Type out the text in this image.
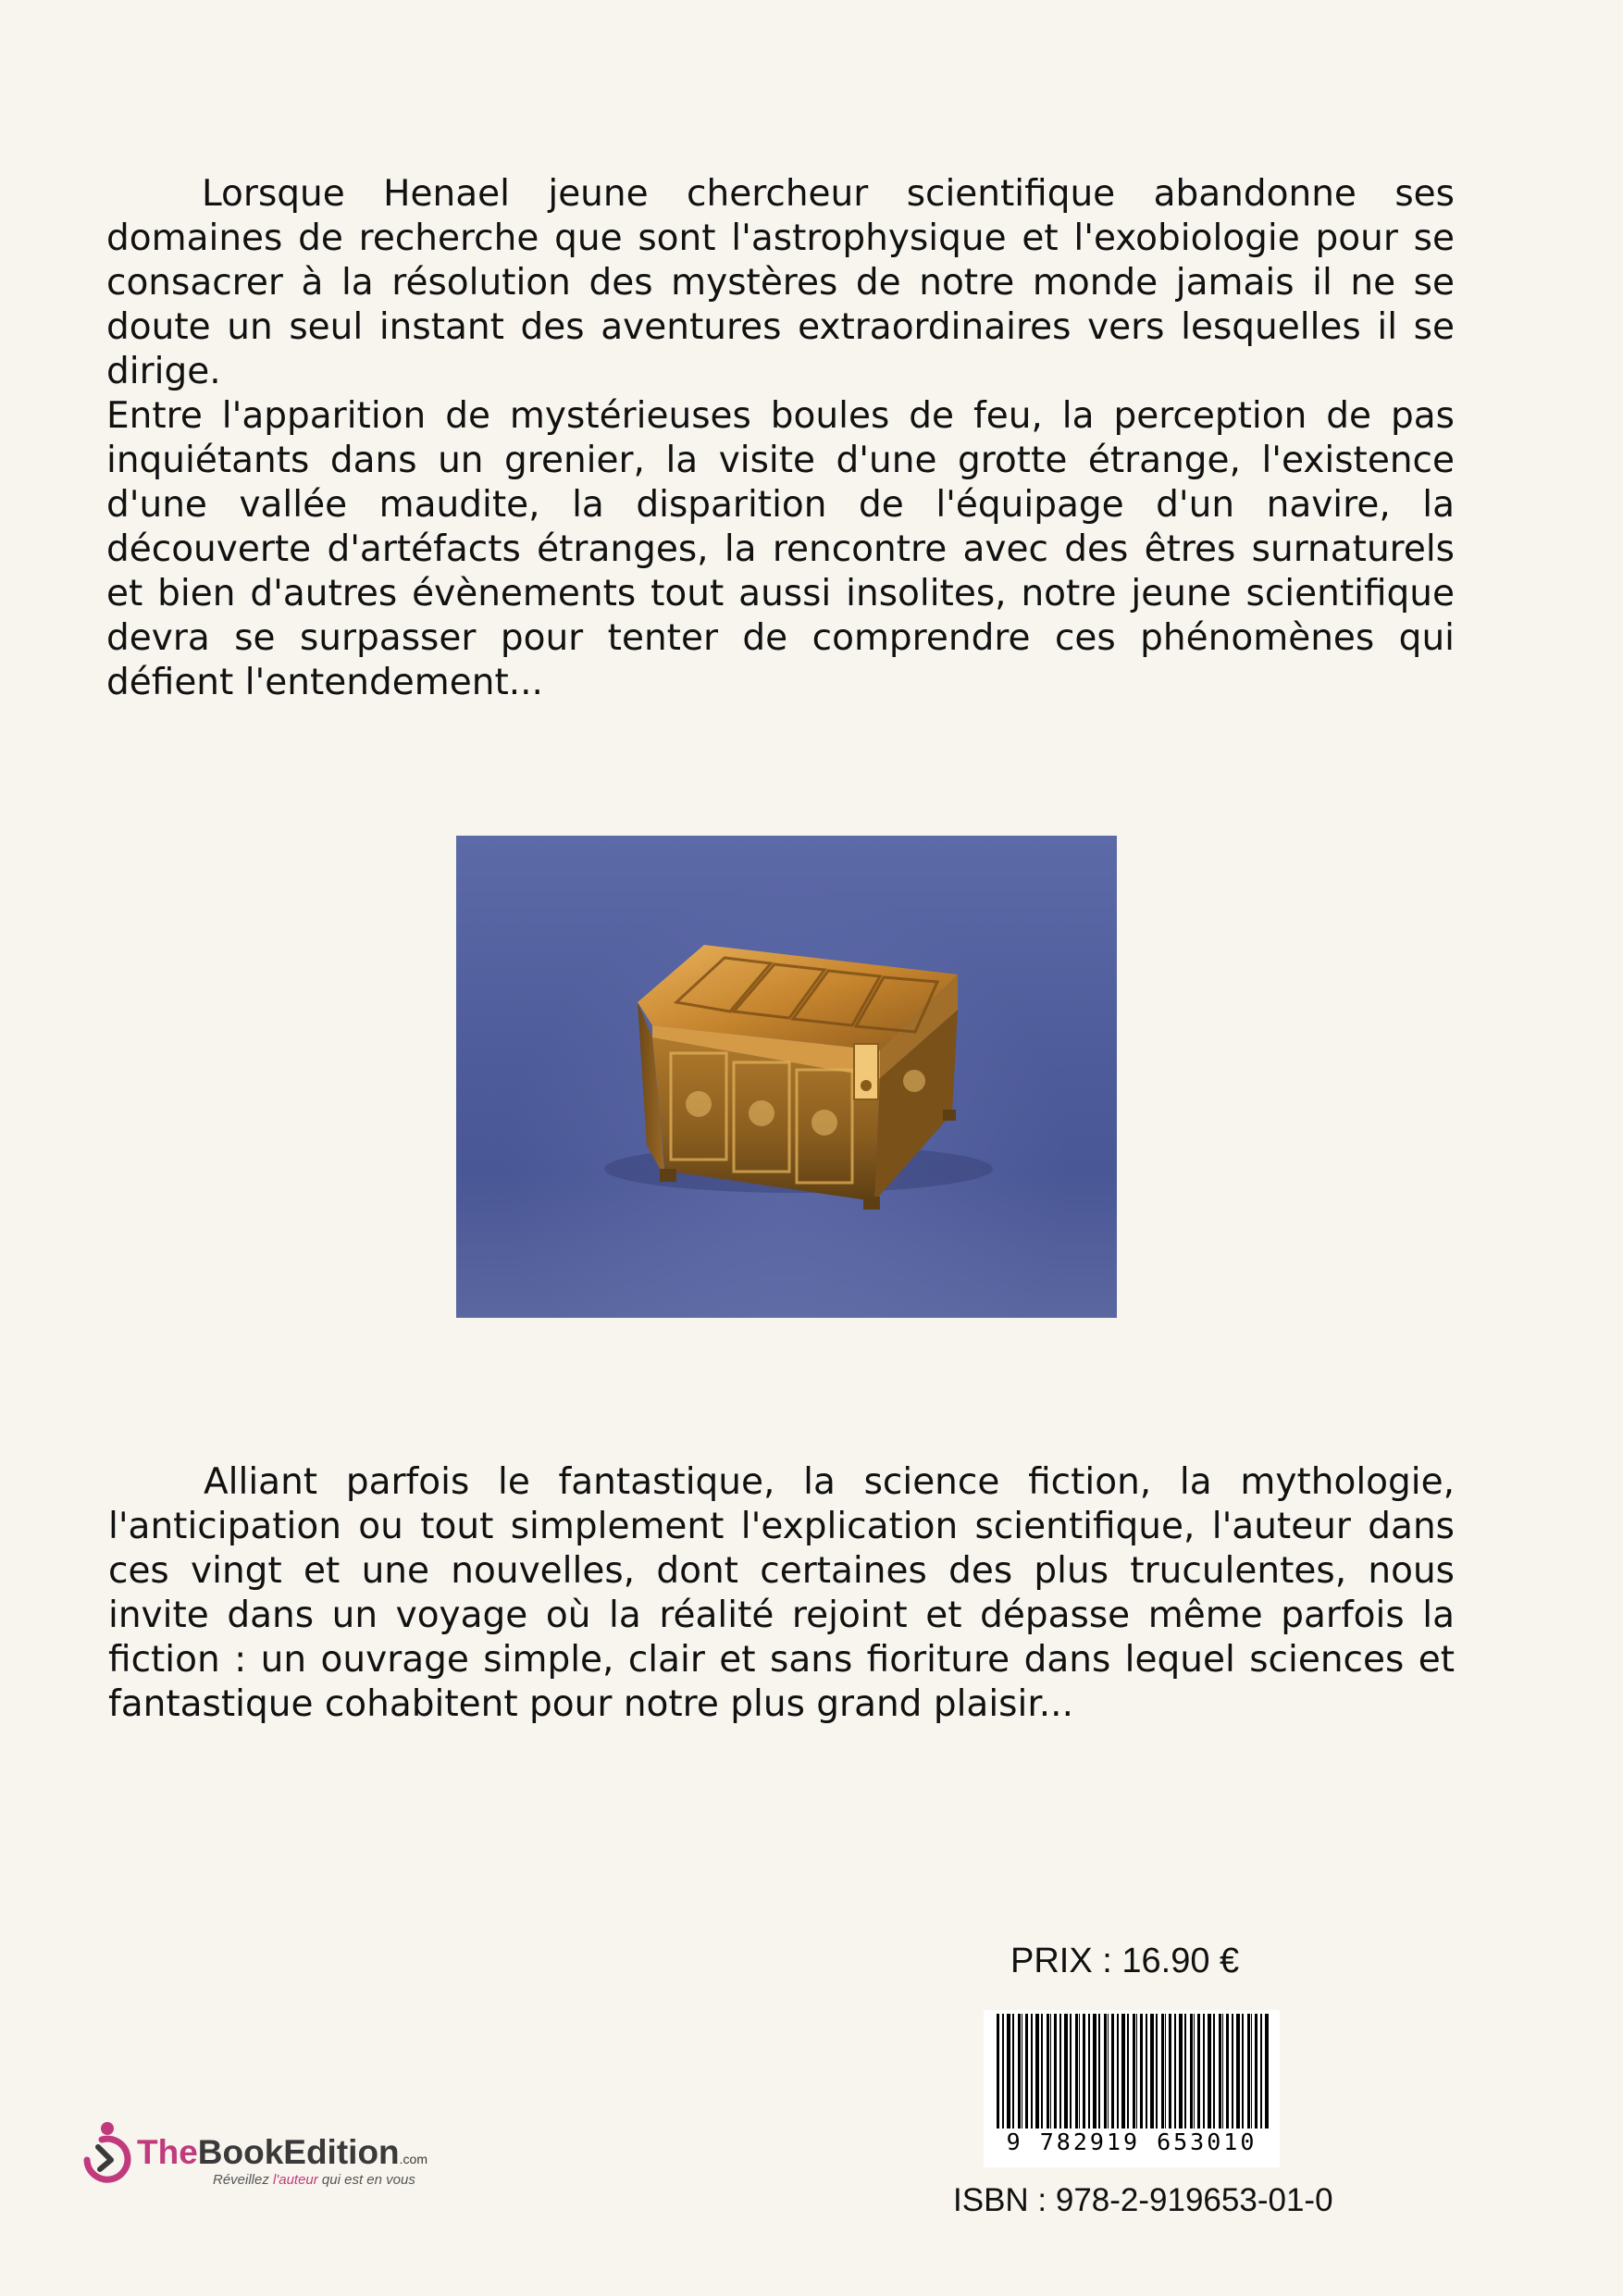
Lorsque Henael jeune chercheur scientifique abandonne ses domaines de recherche que sont l'astrophysique et l'exobiologie pour se consacrer à la résolution des mystères de notre monde jamais il ne se doute un seul instant des aventures extraordinaires vers lesquelles il se dirige.

Entre l'apparition de mystérieuses boules de feu, la perception de pas inquiétants dans un grenier, la visite d'une grotte étrange, l'existence d'une vallée maudite, la disparition de l'équipage d'un navire, la découverte d'artéfacts étranges, la rencontre avec des êtres surnaturels et bien d'autres évènements tout aussi insolites, notre jeune scientifique devra se surpasser pour tenter de comprendre ces phénomènes qui défient l'entendement...

Alliant parfois le fantastique, la science fiction, la mythologie, l'anticipation ou tout simplement l'explication scientifique, l'auteur dans ces vingt et une nouvelles, dont certaines des plus truculentes, nous invite dans un voyage où la réalité rejoint et dépasse même parfois la fiction : un ouvrage simple, clair et sans fioriture dans lequel sciences et fantastique cohabitent pour notre plus grand plaisir...

PRIX : 16.90 €
9 782919 653010
ISBN : 978-2-919653-01-0
TheBookEdition.com
Réveillez l'auteur qui est en vous
